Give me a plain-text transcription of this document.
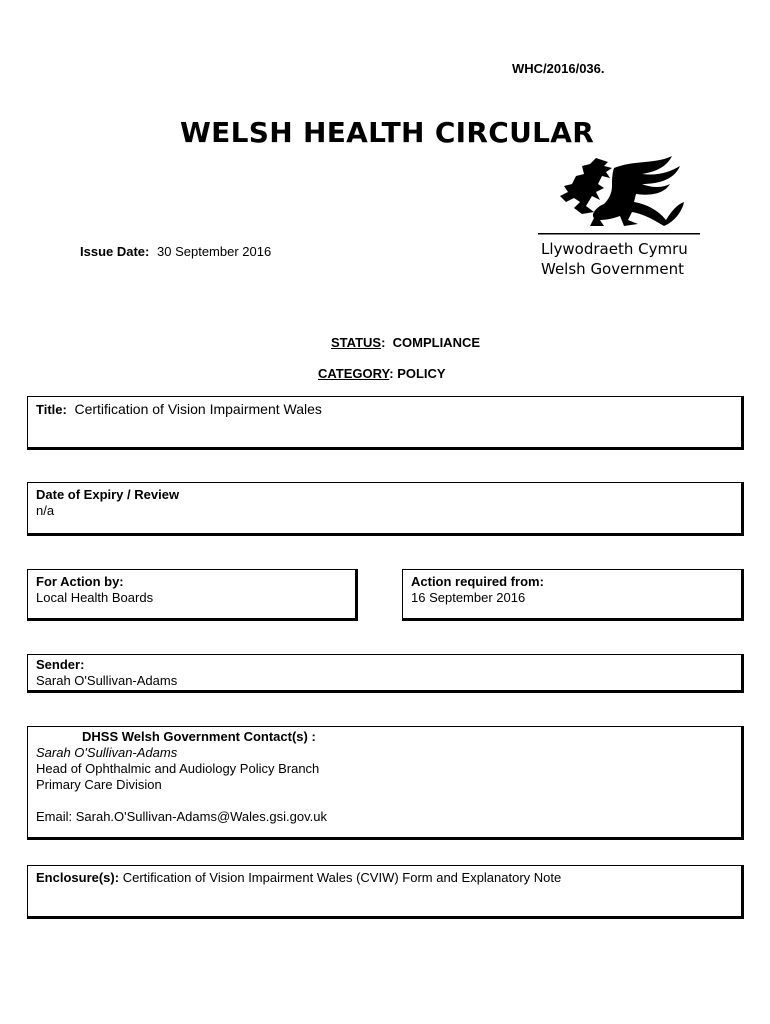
WHC/2016/036.
WELSH HEALTH CIRCULAR
Llywodraeth Cymru
Welsh Government
Issue Date: 30 September 2016
STATUS:  COMPLIANCE
CATEGORY: POLICY
Title: Certification of Vision Impairment Wales
Date of Expiry / Review
n/a
For Action by:
Local Health Boards
Action required from:
16 September 2016
Sender:
Sarah O'Sullivan-Adams
DHSS Welsh Government Contact(s) :
Sarah O'Sullivan-Adams
Head of Ophthalmic and Audiology Policy Branch
Primary Care Division
Email: Sarah.O'Sullivan-Adams@Wales.gsi.gov.uk
Enclosure(s): Certification of Vision Impairment Wales (CVIW) Form and Explanatory Note
